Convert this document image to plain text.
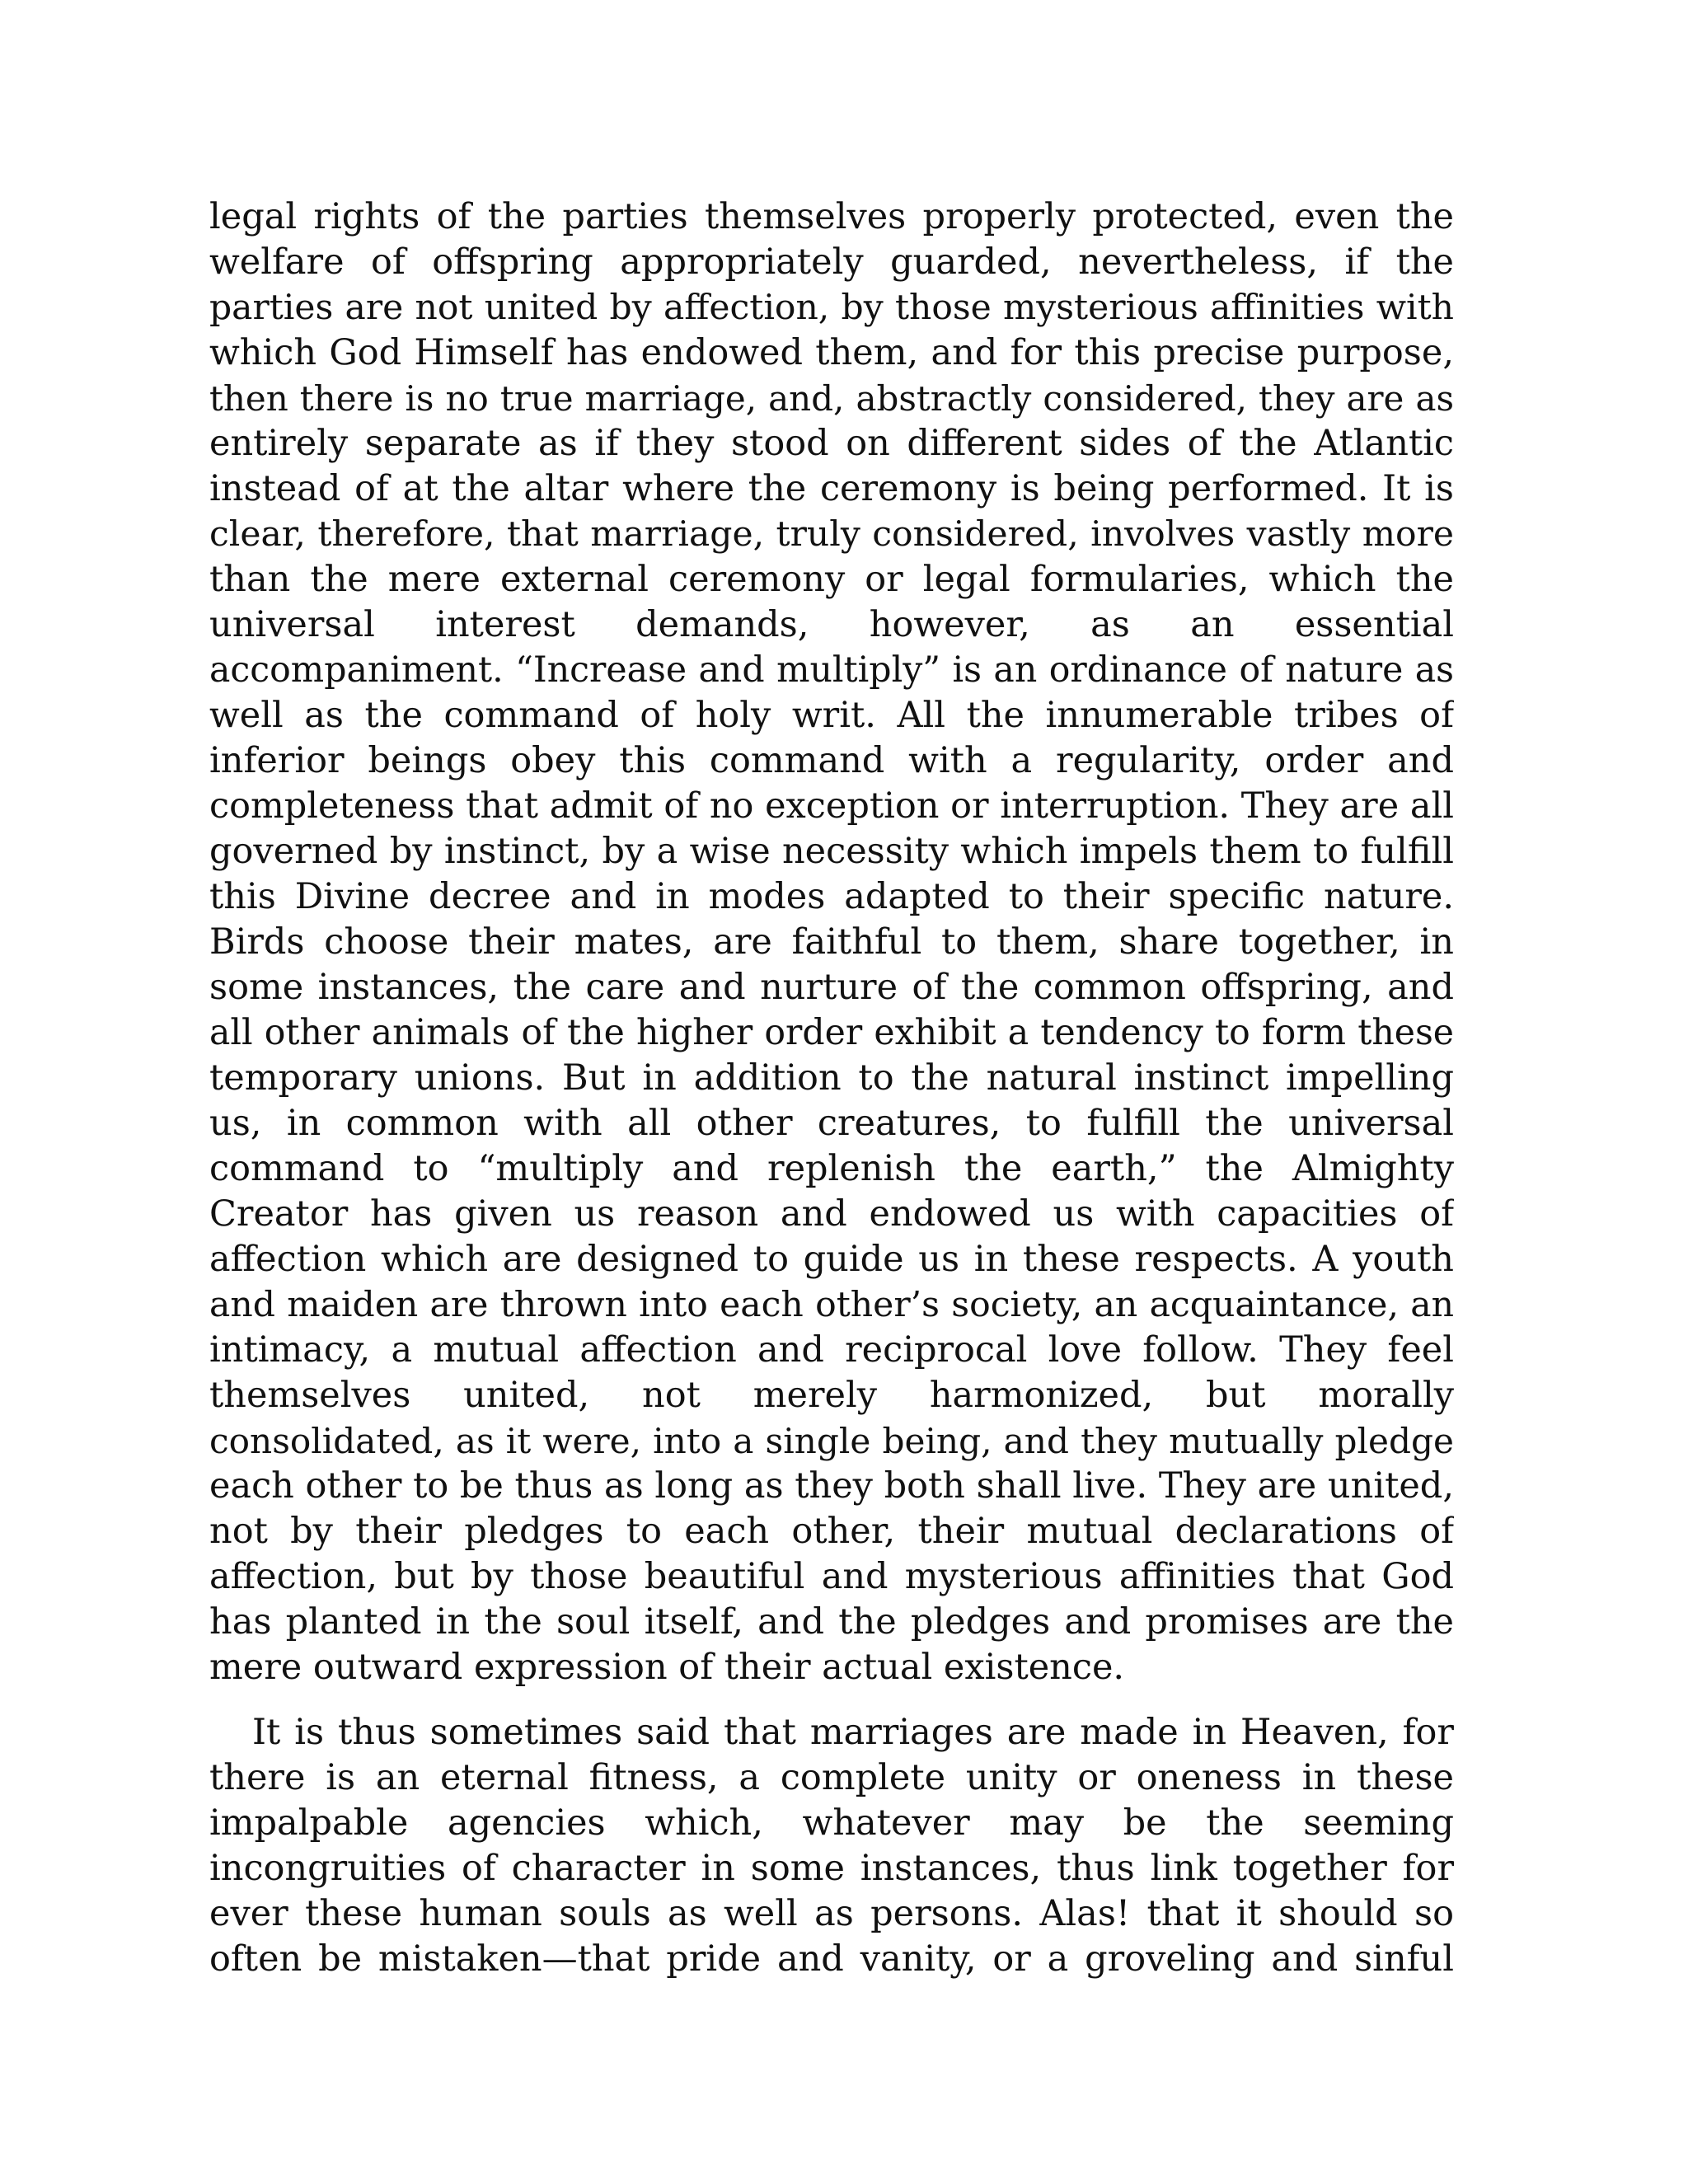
legal rights of the parties themselves properly protected, even the
welfare of offspring appropriately guarded, nevertheless, if the
parties are not united by affection, by those mysterious affinities with
which God Himself has endowed them, and for this precise purpose,
then there is no true marriage, and, abstractly considered, they are as
entirely separate as if they stood on different sides of the Atlantic
instead of at the altar where the ceremony is being performed. It is
clear, therefore, that marriage, truly considered, involves vastly more
than the mere external ceremony or legal formularies, which the
universal interest demands, however, as an essential
accompaniment. “Increase and multiply” is an ordinance of nature as
well as the command of holy writ. All the innumerable tribes of
inferior beings obey this command with a regularity, order and
completeness that admit of no exception or interruption. They are all
governed by instinct, by a wise necessity which impels them to fulfill
this Divine decree and in modes adapted to their specific nature.
Birds choose their mates, are faithful to them, share together, in
some instances, the care and nurture of the common offspring, and
all other animals of the higher order exhibit a tendency to form these
temporary unions. But in addition to the natural instinct impelling
us, in common with all other creatures, to fulfill the universal
command to “multiply and replenish the earth,” the Almighty
Creator has given us reason and endowed us with capacities of
affection which are designed to guide us in these respects. A youth
and maiden are thrown into each other’s society, an acquaintance, an
intimacy, a mutual affection and reciprocal love follow. They feel
themselves united, not merely harmonized, but morally
consolidated, as it were, into a single being, and they mutually pledge
each other to be thus as long as they both shall live. They are united,
not by their pledges to each other, their mutual declarations of
affection, but by those beautiful and mysterious affinities that God
has planted in the soul itself, and the pledges and promises are the
mere outward expression of their actual existence.
It is thus sometimes said that marriages are made in Heaven, for
there is an eternal fitness, a complete unity or oneness in these
impalpable agencies which, whatever may be the seeming
incongruities of character in some instances, thus link together for
ever these human souls as well as persons. Alas! that it should so
often be mistaken—that pride and vanity, or a groveling and sinful
